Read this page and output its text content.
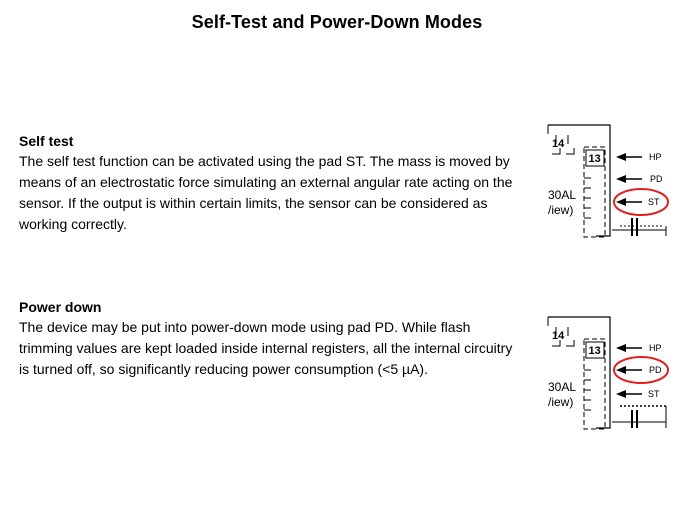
Self-Test and Power-Down Modes
Self test

The self test function can be activated using the pad ST. The mass is moved by means of an electrostatic force simulating an external angular rate acting on the sensor. If the output is within certain limits, the sensor can be considered as working correctly.

Power down

The device may be put into power-down mode using pad PD. While flash trimming values are kept loaded inside internal registers, all the internal circuitry is turned off, so significantly reducing power consumption (<5 µA).

14
13
30AL
/iew)
HP
PD
ST
14
13
30AL
/iew)
HP
PD
ST
